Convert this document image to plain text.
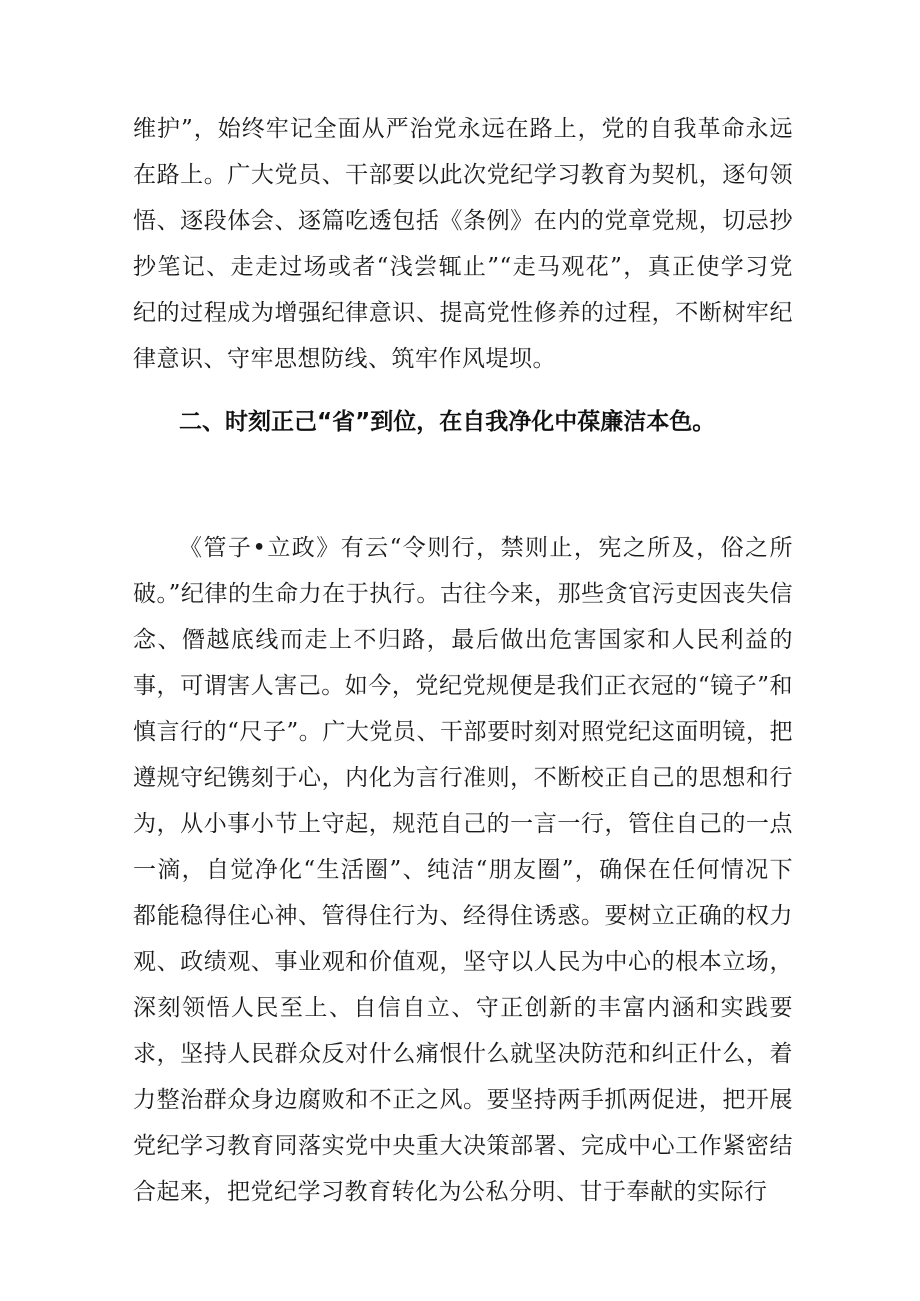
维护”，始终牢记全面从严治党永远在路上，党的自我革命永远在路上。广大党员、干部要以此次党纪学习教育为契机，逐句领悟、逐段体会、逐篇吃透包括《条例》在内的党章党规，切忌抄抄笔记、走走过场或者“浅尝辄止”“走马观花”，真正使学习党纪的过程成为增强纪律意识、提高党性修养的过程，不断树牢纪律意识、守牢思想防线、筑牢作风堤坝。

二、时刻正己“省”到位，在自我净化中葆廉洁本色。

《管子•立政》有云“令则行，禁则止，宪之所及，俗之所破。”纪律的生命力在于执行。古往今来，那些贪官污吏因丧失信念、僭越底线而走上不归路，最后做出危害国家和人民利益的事，可谓害人害己。如今，党纪党规便是我们正衣冠的“镜子”和慎言行的“尺子”。广大党员、干部要时刻对照党纪这面明镜，把遵规守纪镌刻于心，内化为言行准则，不断校正自己的思想和行为，从小事小节上守起，规范自己的一言一行，管住自己的一点一滴，自觉净化“生活圈”、纯洁“朋友圈”，确保在任何情况下都能稳得住心神、管得住行为、经得住诱惑。要树立正确的权力观、政绩观、事业观和价值观，坚守以人民为中心的根本立场，深刻领悟人民至上、自信自立、守正创新的丰富内涵和实践要求，坚持人民群众反对什么痛恨什么就坚决防范和纠正什么，着力整治群众身边腐败和不正之风。要坚持两手抓两促进，把开展党纪学习教育同落实党中央重大决策部署、完成中心工作紧密结合起来，把党纪学习教育转化为公私分明、甘于奉献的实际行
